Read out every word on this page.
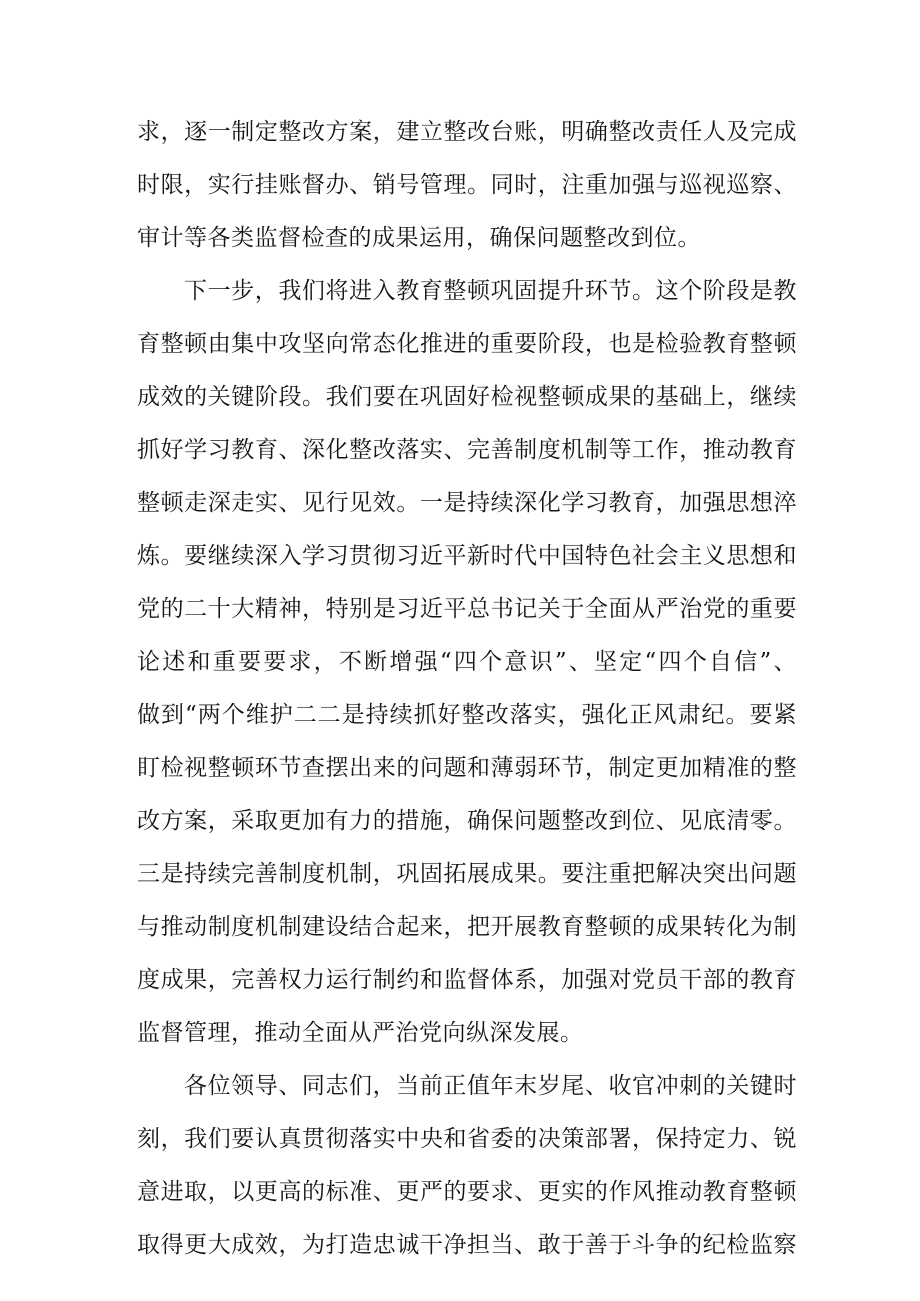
求，逐一制定整改方案，建立整改台账，明确整改责任人及完成
时限，实行挂账督办、销号管理。同时，注重加强与巡视巡察、
审计等各类监督检查的成果运用，确保问题整改到位。
下一步，我们将进入教育整顿巩固提升环节。这个阶段是教
育整顿由集中攻坚向常态化推进的重要阶段，也是检验教育整顿
成效的关键阶段。我们要在巩固好检视整顿成果的基础上，继续
抓好学习教育、深化整改落实、完善制度机制等工作，推动教育
整顿走深走实、见行见效。一是持续深化学习教育，加强思想淬
炼。要继续深入学习贯彻习近平新时代中国特色社会主义思想和
党的二十大精神，特别是习近平总书记关于全面从严治党的重要
论述和重要要求，不断增强“四个意识”、坚定“四个自信”、
做到“两个维护二二是持续抓好整改落实，强化正风肃纪。要紧
盯检视整顿环节查摆出来的问题和薄弱环节，制定更加精准的整
改方案，采取更加有力的措施，确保问题整改到位、见底清零。
三是持续完善制度机制，巩固拓展成果。要注重把解决突出问题
与推动制度机制建设结合起来，把开展教育整顿的成果转化为制
度成果，完善权力运行制约和监督体系，加强对党员干部的教育
监督管理，推动全面从严治党向纵深发展。
各位领导、同志们，当前正值年末岁尾、收官冲刺的关键时
刻，我们要认真贯彻落实中央和省委的决策部署，保持定力、锐
意进取，以更高的标准、更严的要求、更实的作风推动教育整顿
取得更大成效，为打造忠诚干净担当、敢于善于斗争的纪检监察
